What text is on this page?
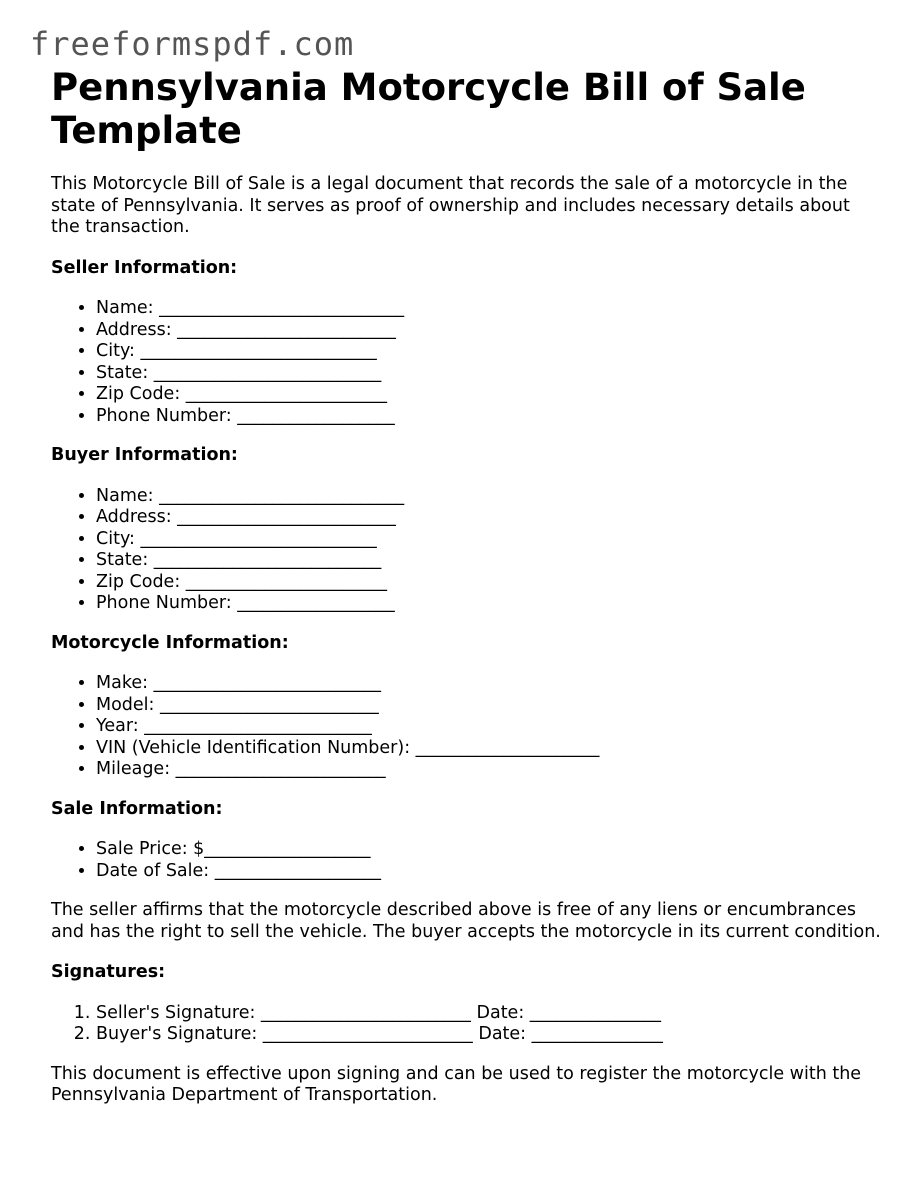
freeformspdf.com
Pennsylvania Motorcycle Bill of Sale Template

This Motorcycle Bill of Sale is a legal document that records the sale of a motorcycle in the state of Pennsylvania. It serves as proof of ownership and includes necessary details about the transaction.

Seller Information:
• Name: ____________________________
• Address: _________________________
• City: ___________________________
• State: __________________________
• Zip Code: _______________________
• Phone Number: __________________
Buyer Information:
• Name: ____________________________
• Address: _________________________
• City: ___________________________
• State: __________________________
• Zip Code: _______________________
• Phone Number: __________________
Motorcycle Information:
• Make: __________________________
• Model: _________________________
• Year: __________________________
• VIN (Vehicle Identification Number): _____________________
• Mileage: ________________________
Sale Information:
• Sale Price: $___________________
• Date of Sale: ___________________

The seller affirms that the motorcycle described above is free of any liens or encumbrances and has the right to sell the vehicle. The buyer accepts the motorcycle in its current condition.

Signatures:
1. Seller's Signature: ________________________ Date: _______________
2. Buyer's Signature: ________________________ Date: _______________

This document is effective upon signing and can be used to register the motorcycle with the Pennsylvania Department of Transportation.
